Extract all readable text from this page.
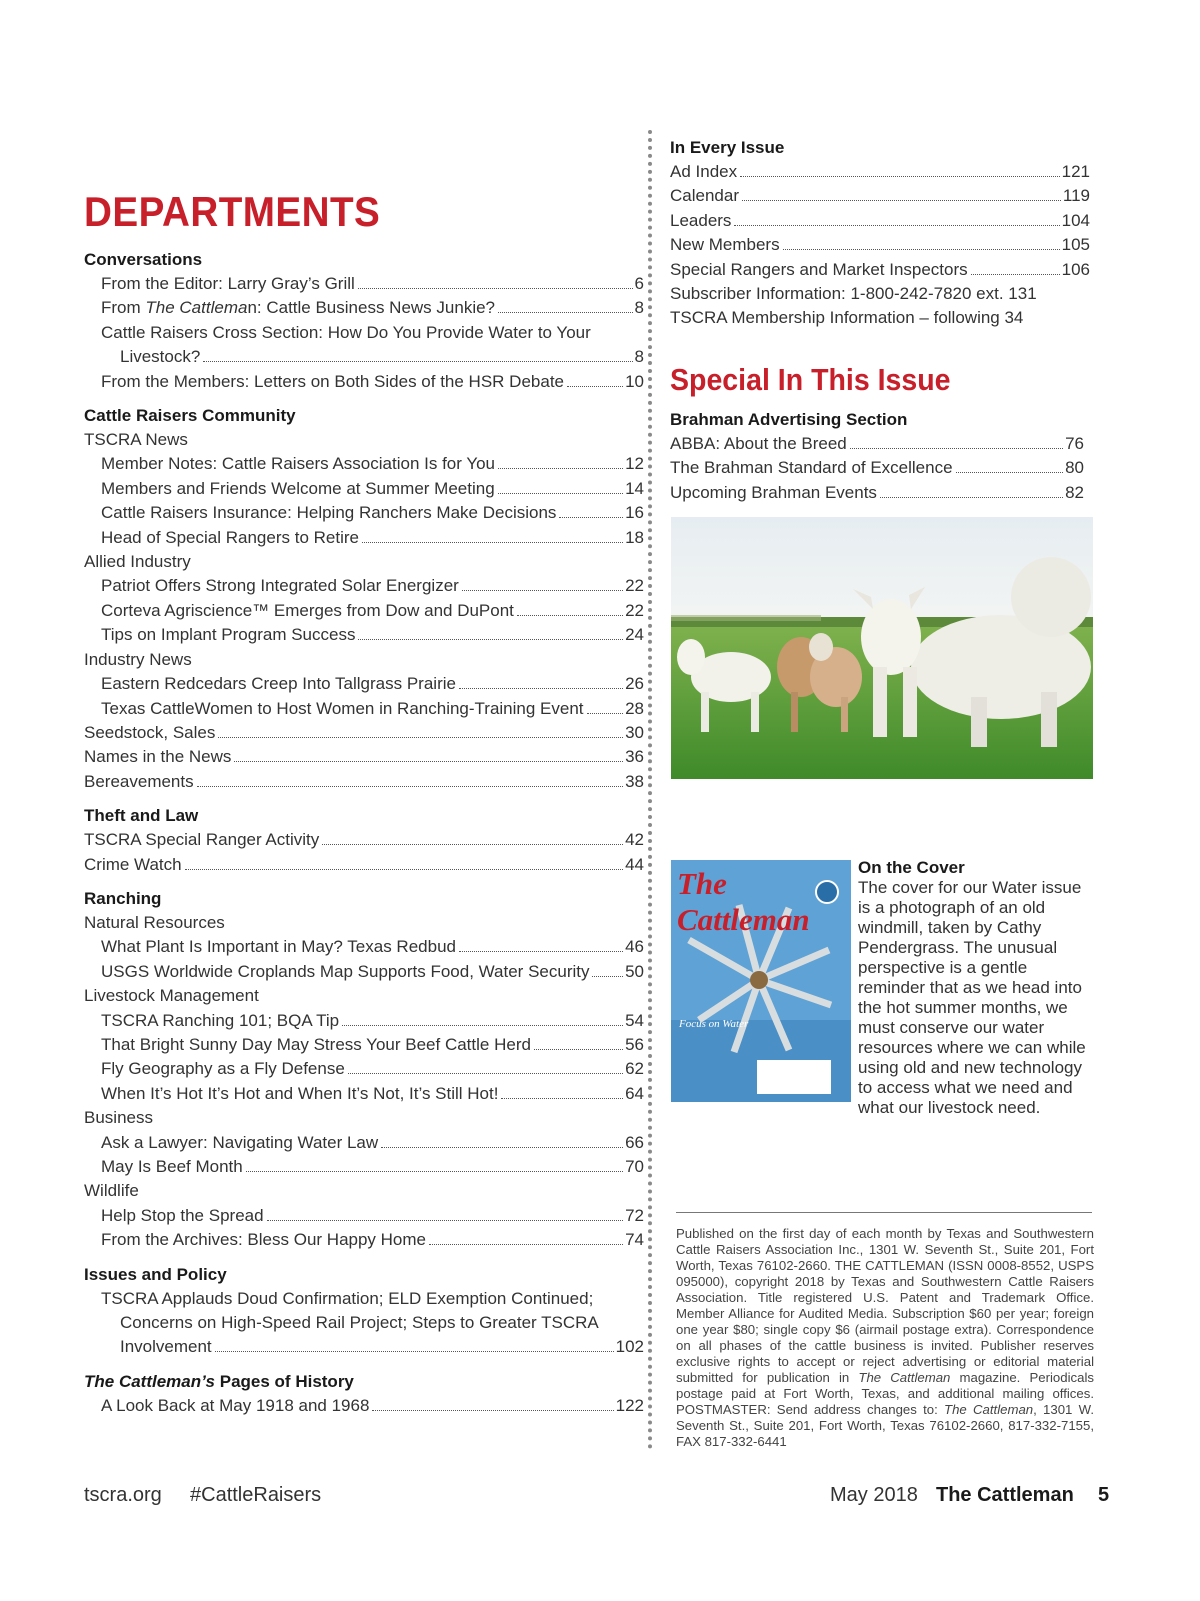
DEPARTMENTS
Conversations
From the Editor: Larry Gray’s Grill	6
From The Cattleman: Cattle Business News Junkie?	8
Cattle Raisers Cross Section: How Do You Provide Water to Your
Livestock?	8
From the Members: Letters on Both Sides of the HSR Debate	10
Cattle Raisers Community
TSCRA News
Member Notes: Cattle Raisers Association Is for You	12
Members and Friends Welcome at Summer Meeting	14
Cattle Raisers Insurance: Helping Ranchers Make Decisions	16
Head of Special Rangers to Retire	18
Allied Industry
Patriot Offers Strong Integrated Solar Energizer	22
Corteva Agriscience™ Emerges from Dow and DuPont	22
Tips on Implant Program Success	24
Industry News
Eastern Redcedars Creep Into Tallgrass Prairie	26
Texas CattleWomen to Host Women in Ranching-Training Event 28
Seedstock, Sales	30
Names in the News	36
Bereavements	38
Theft and Law
TSCRA Special Ranger Activity	42
Crime Watch	44
Ranching
Natural Resources
What Plant Is Important in May? Texas Redbud	46
USGS Worldwide Croplands Map Supports Food, Water Security 50
Livestock Management
TSCRA Ranching 101; BQA Tip	54
That Bright Sunny Day May Stress Your Beef Cattle Herd	56
Fly Geography as a Fly Defense	62
When It’s Hot It’s Hot and When It’s Not, It’s Still Hot!	64
Business
Ask a Lawyer: Navigating Water Law	66
May Is Beef Month	70
Wildlife
Help Stop the Spread	72
From the Archives: Bless Our Happy Home	74
Issues and Policy
TSCRA Applauds Doud Confirmation; ELD Exemption Continued;
Concerns on High-Speed Rail Project; Steps to Greater TSCRA
Involvement	102
The Cattleman’s Pages of History
A Look Back at May 1918 and 1968	122
In Every Issue
Ad Index	121
Calendar	119
Leaders	104
New Members	105
Special Rangers and Market Inspectors	106
Subscriber Information: 1-800-242-7820 ext. 131
TSCRA Membership Information – following 34
Special In This Issue
Brahman Advertising Section
ABBA: About the Breed	76
The Brahman Standard of Excellence	80
Upcoming Brahman Events	82
The Cattleman
Focus on Water
On the Cover
The cover for our Water issue is a photograph of an old windmill, taken by Cathy Pendergrass. The unusual perspective is a gentle reminder that as we head into the hot summer months, we must conserve our water resources where we can while using old and new technology to access what we need and what our livestock need.
Published on the first day of each month by Texas and Southwestern Cattle Raisers Association Inc., 1301 W. Seventh St., Suite 201, Fort Worth, Texas 76102-2660. THE CATTLEMAN (ISSN 0008-8552, USPS 095000), copyright 2018 by Texas and Southwestern Cattle Raisers Association. Title registered U.S. Patent and Trademark Office. Member Alliance for Audited Media. Subscription $60 per year; foreign one year $80; single copy $6 (airmail postage extra). Correspondence on all phases of the cattle business is invited. Publisher reserves exclusive rights to accept or reject advertising or editorial material submitted for publication in The Cattleman magazine. Periodicals postage paid at Fort Worth, Texas, and additional mailing offices. POSTMASTER: Send address changes to: The Cattleman, 1301 W. Seventh St., Suite 201, Fort Worth, Texas 76102-2660, 817-332-7155, FAX 817-332-6441
tscra.org #CattleRaisers	May 2018 The Cattleman 5
